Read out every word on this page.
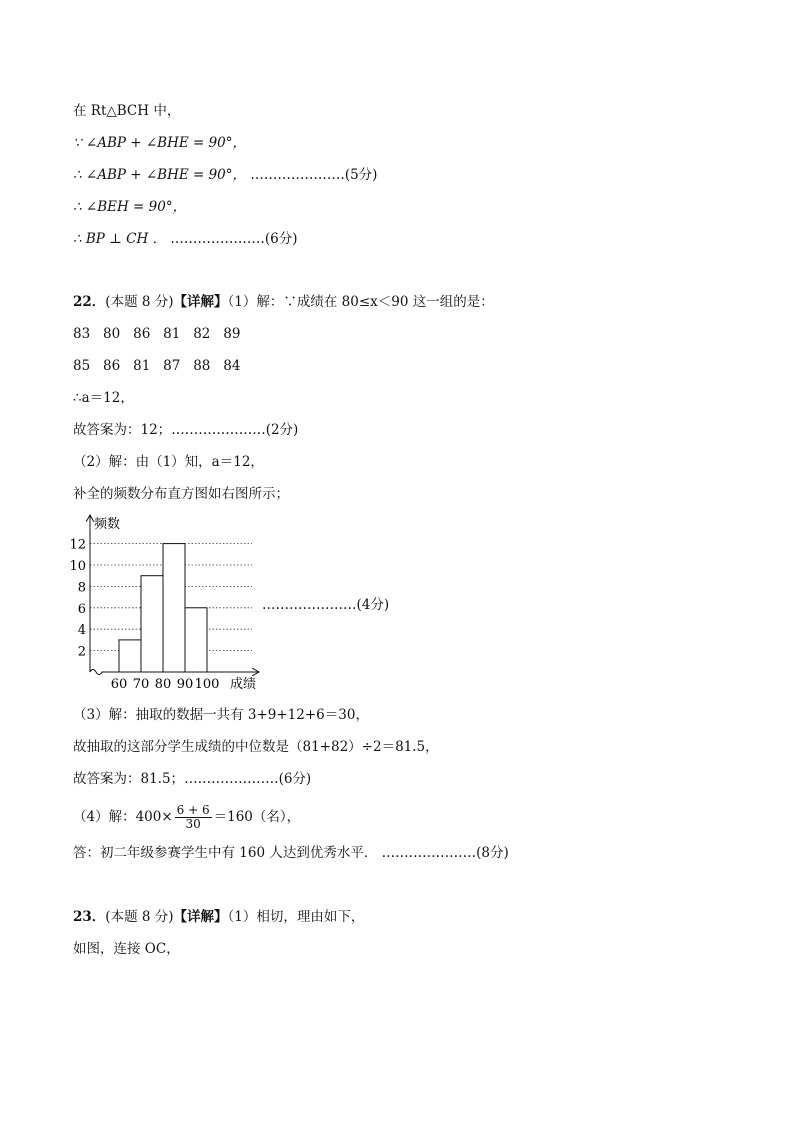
在 Rt△BCH 中，
∵ ∠ABP + ∠BHE = 90°，
∴ ∠ABP + ∠BHE = 90°， …………………(5分)
∴ ∠BEH = 90°，
∴ BP ⊥ CH ． …………………(6分)
22．(本题 8 分)【详解】（1）解：∵成绩在 80≤x＜90 这一组的是：
83   80   86   81   82   89
85   86   81   87   88   84
∴a＝12，
故答案为：12；…………………(2分)
（2）解：由（1）知，a＝12，
补全的频数分布直方图如右图所示；
2
4
6
8
10
12
60 70 80 90 100
频数
成绩
…………………(4分)
（3）解：抽取的数据一共有 3+9+12+6＝30，
故抽取的这部分学生成绩的中位数是（81+82）÷2＝81.5，
故答案为：81.5；…………………(6分)
（4）解：$400\times \frac{6 + 6}{30} =160$（名），
答：初二年级参赛学生中有 160 人达到优秀水平． …………………(8分)
23．(本题 8 分)【详解】（1）相切，理由如下，
如图，连接 OC，
